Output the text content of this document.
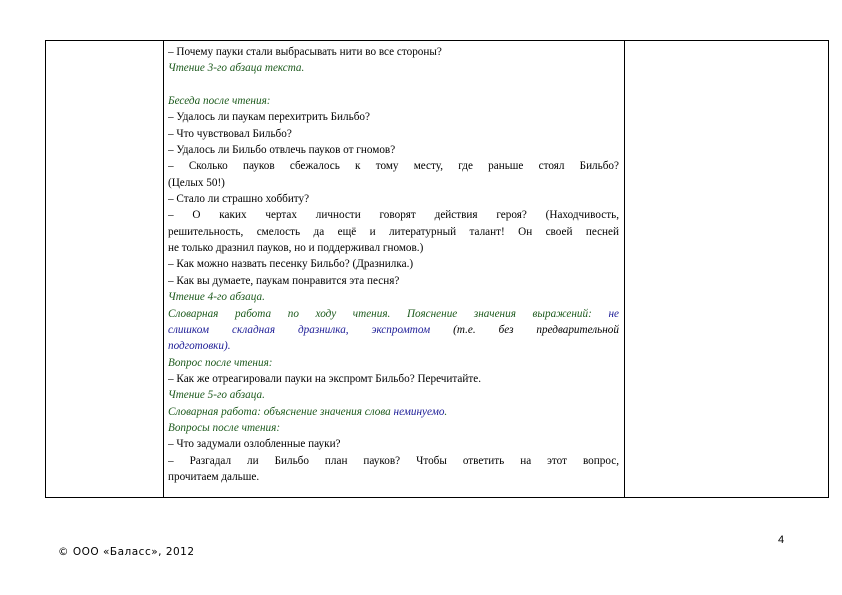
– Почему пауки стали выбрасывать нити во все стороны?
Чтение 3-го абзаца текста.
Беседа после чтения:
– Удалось ли паукам перехитрить Бильбо?
– Что чувствовал Бильбо?
– Удалось ли Бильбо отвлечь пауков от гномов?
– Сколько пауков сбежалось к тому месту, где раньше стоял Бильбо?
(Целых 50!)
– Стало ли страшно хоббиту?
– О каких чертах личности говорят действия героя? (Находчивость,
решительность, смелость да ещё и литературный талант! Он своей песней
не только дразнил пауков, но и поддерживал гномов.)
– Как можно назвать песенку Бильбо? (Дразнилка.)
– Как вы думаете, паукам понравится эта песня?
Чтение 4-го абзаца.
Словарная работа по ходу чтения. Пояснение значения выражений: не
слишком складная дразнилка, экспромтом (т.е. без предварительной
подготовки).
Вопрос после чтения:
– Как же отреагировали пауки на экспромт Бильбо? Перечитайте.
Чтение 5-го абзаца.
Словарная работа: объяснение значения слова неминуемо.
Вопросы после чтения:
– Что задумали озлобленные пауки?
– Разгадал ли Бильбо план пауков? Чтобы ответить на этот вопрос,
прочитаем дальше.
4
© ООО «Баласс», 2012
